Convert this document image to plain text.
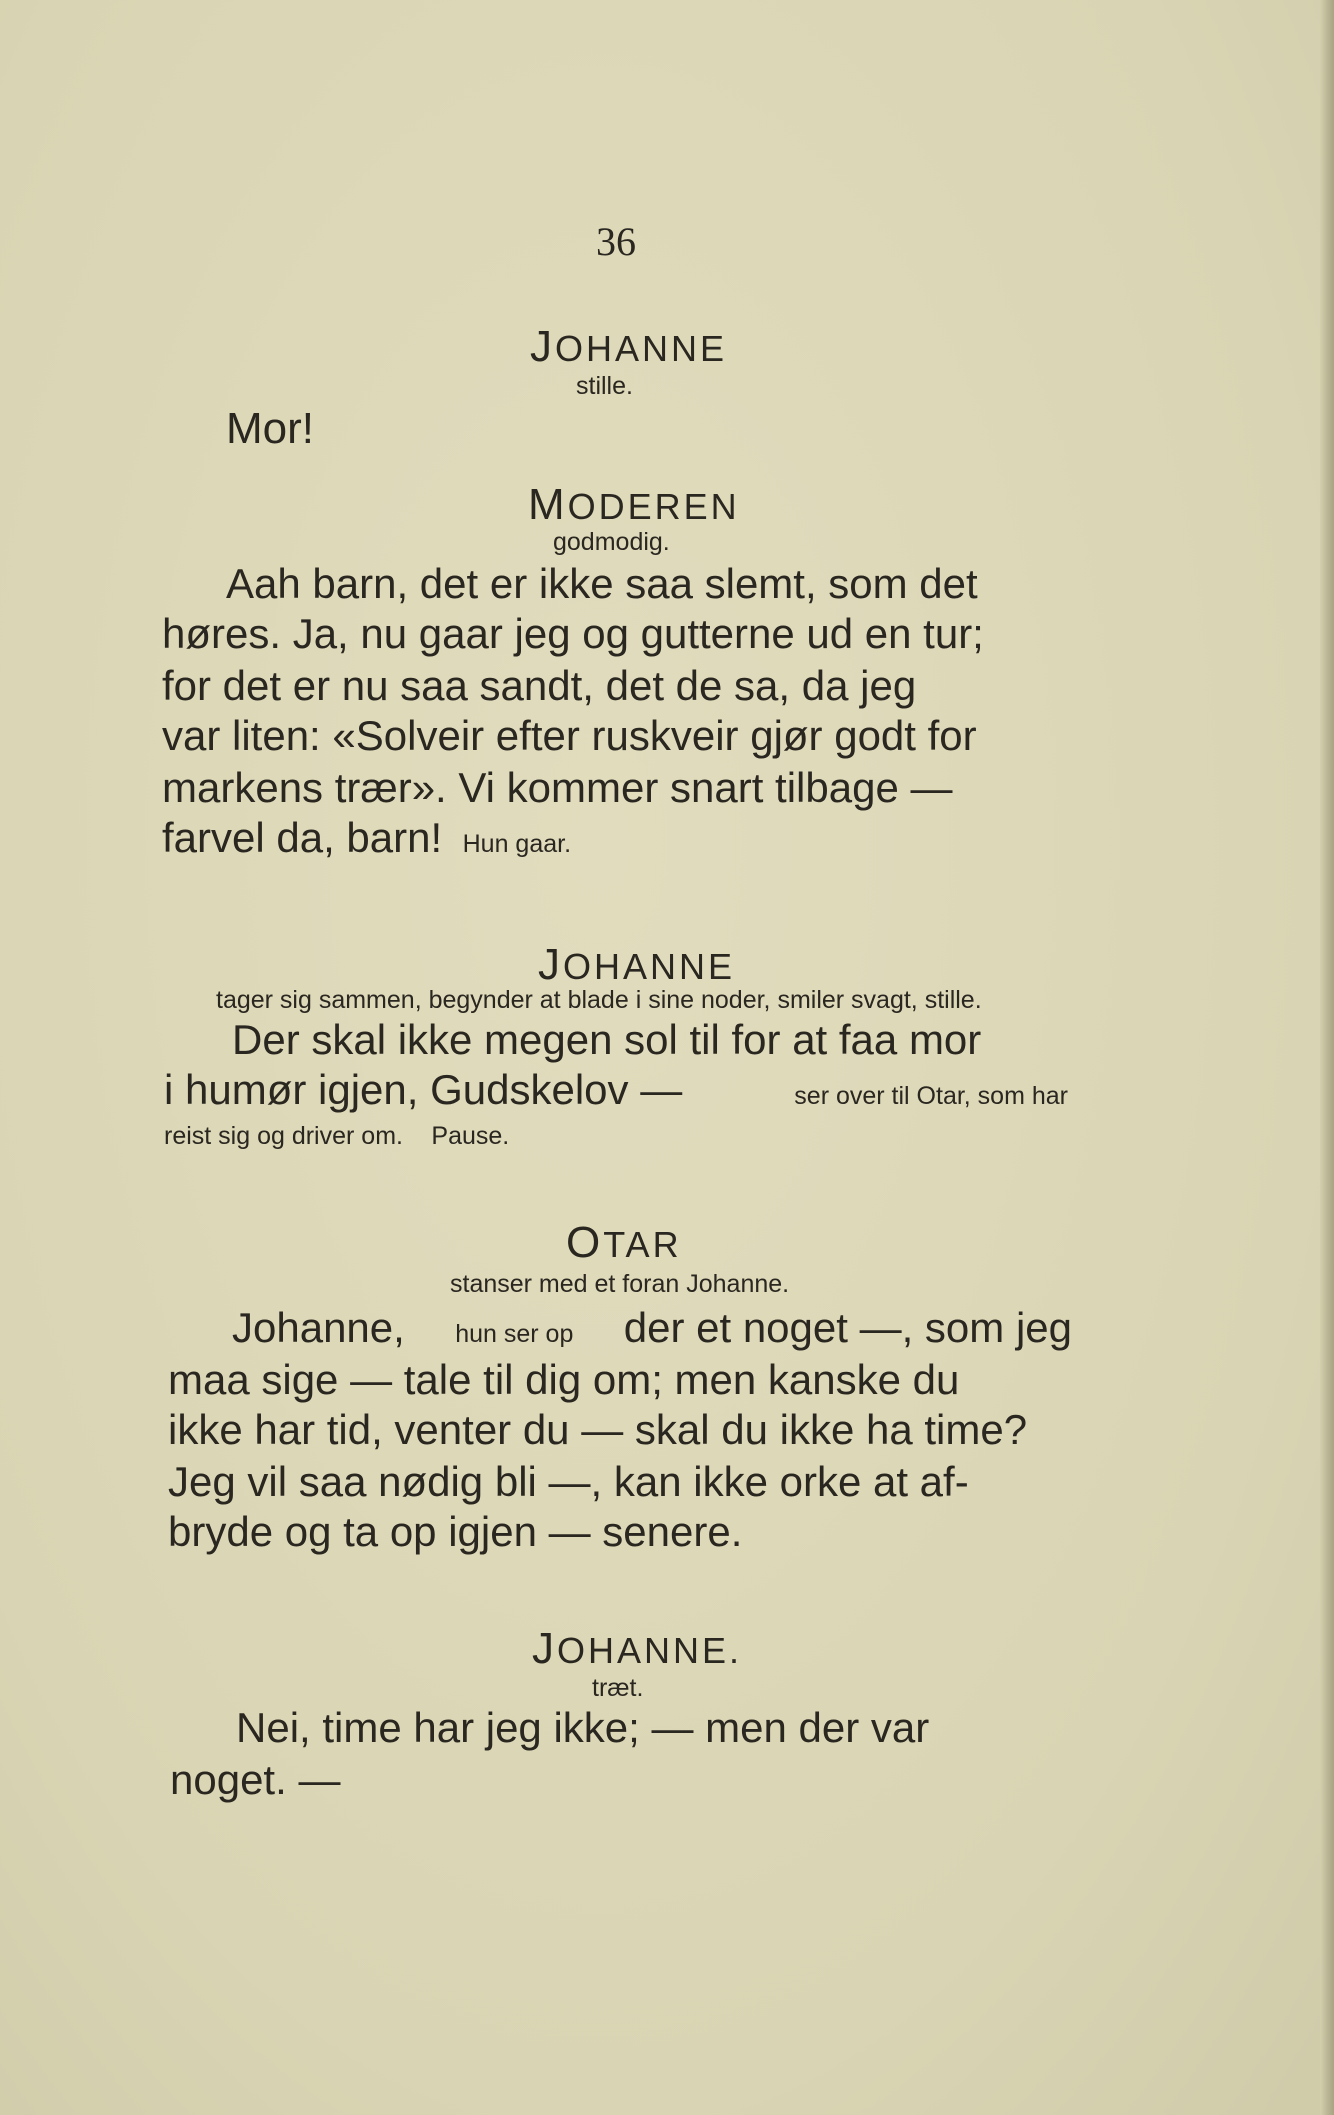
36
JOHANNE
stille.
Mor!
MODEREN
godmodig.
Aah barn, det er ikke saa slemt, som det
høres. Ja, nu gaar jeg og gutterne ud en tur;
for det er nu saa sandt, det de sa, da jeg
var liten: «Solveir efter ruskveir gjør godt for
markens trær». Vi kommer snart tilbage —
farvel da, barn! Hun gaar.
JOHANNE
tager sig sammen, begynder at blade i sine noder, smiler svagt, stille.
Der skal ikke megen sol til for at faa mor
i humør igjen, Gudskelov —	ser over til Otar, som har
reist sig og driver om. Pause.
OTAR
stanser med et foran Johanne.
Johanne, hun ser op der et noget —, som jeg
maa sige — tale til dig om; men kanske du
ikke har tid, venter du — skal du ikke ha time?
Jeg vil saa nødig bli —, kan ikke orke at af-
bryde og ta op igjen — senere.
JOHANNE.
træt.
Nei, time har jeg ikke; — men der var
noget. —
